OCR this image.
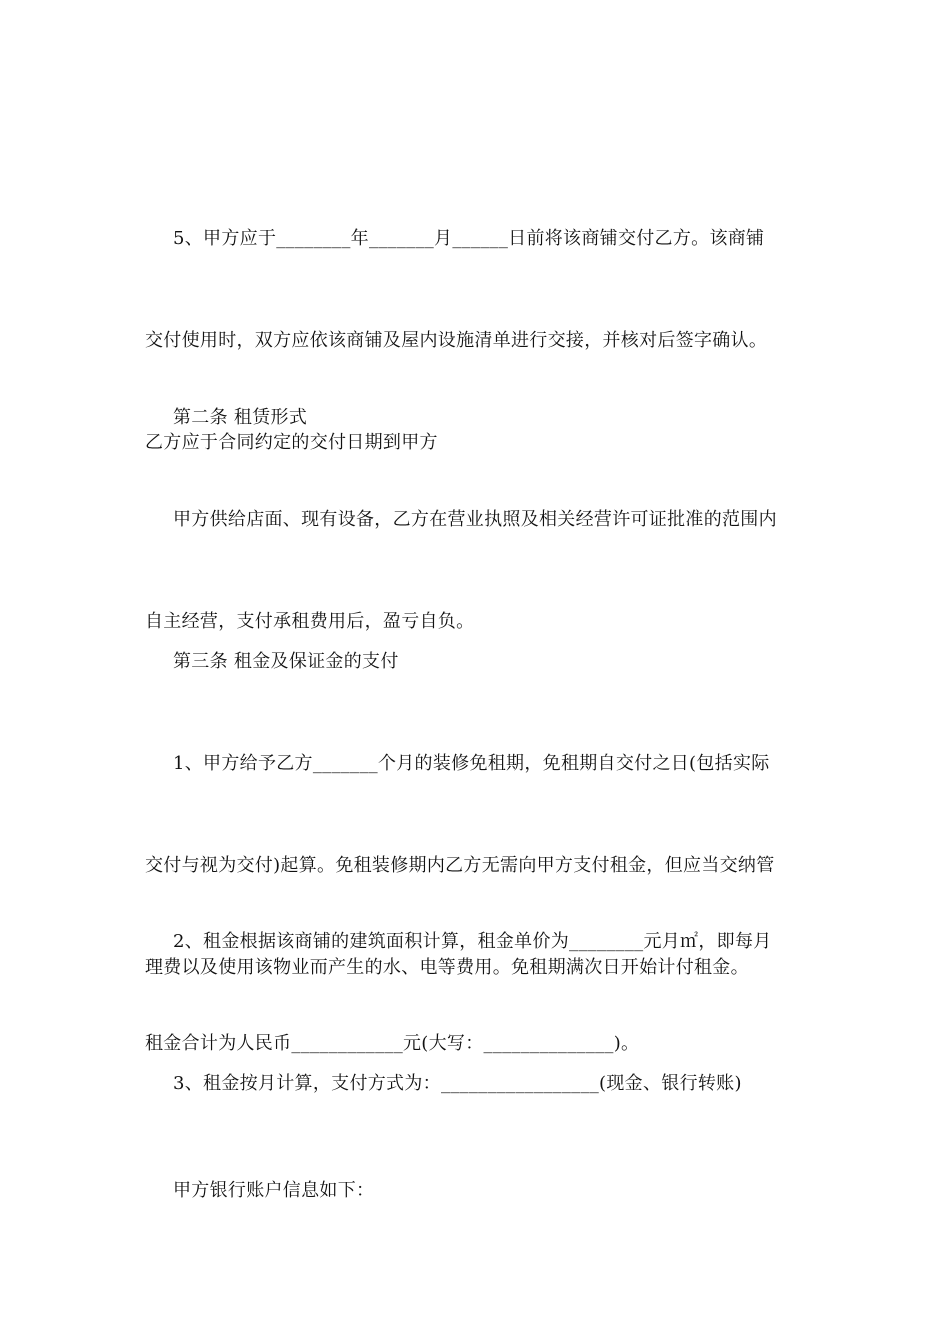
5、甲方应于________年_______月______日前将该商铺交付乙方。该商铺

交付使用时，双方应依该商铺及屋内设施清单进行交接，并核对后签字确认。

乙方应于合同约定的交付日期到甲方

第二条 租赁形式

甲方供给店面、现有设备，乙方在营业执照及相关经营许可证批准的范围内

自主经营，支付承租费用后，盈亏自负。

第三条 租金及保证金的支付

1、甲方给予乙方_______个月的装修免租期，免租期自交付之日(包括实际

交付与视为交付)起算。免租装修期内乙方无需向甲方支付租金，但应当交纳管

理费以及使用该物业而产生的水、电等费用。免租期满次日开始计付租金。

2、租金根据该商铺的建筑面积计算，租金单价为________元月㎡，即每月

租金合计为人民币____________元(大写：______________)。

3、租金按月计算，支付方式为：_________________(现金、银行转账)

甲方银行账户信息如下：
